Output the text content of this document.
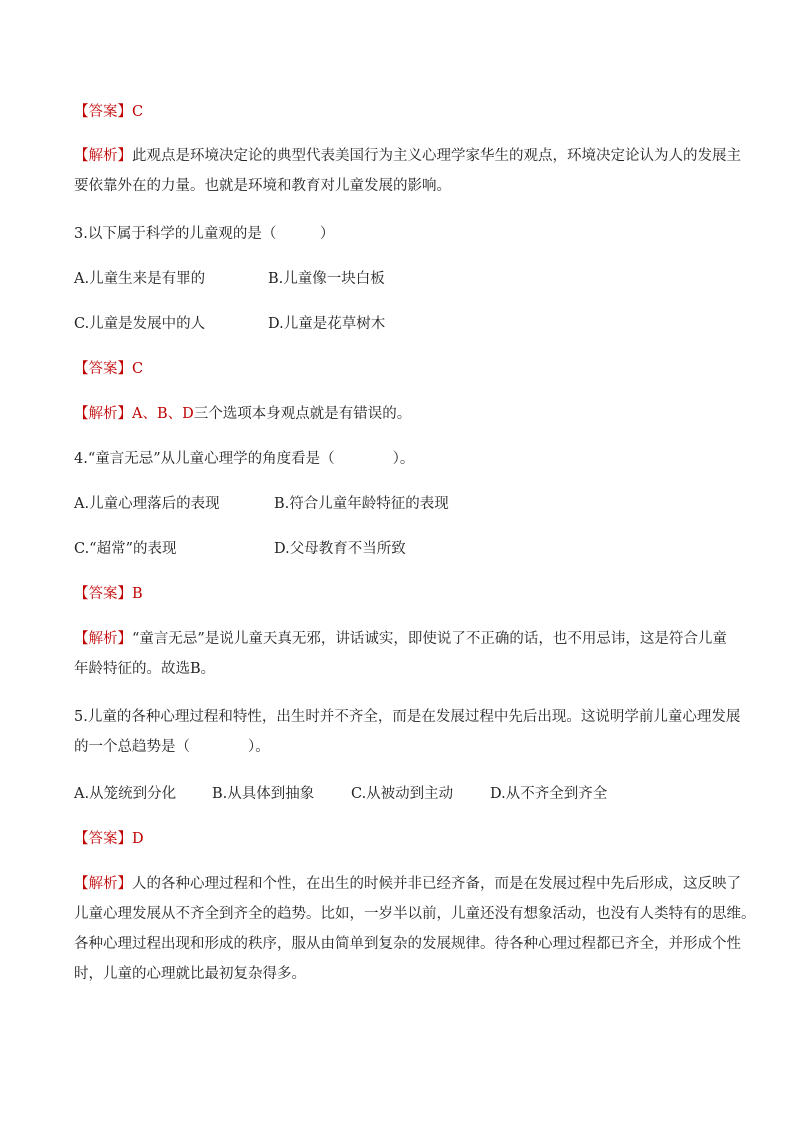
【答案】C
【解析】此观点是环境决定论的典型代表美国行为主义心理学家华生的观点，环境决定论认为人的发展主
要依靠外在的力量。也就是环境和教育对儿童发展的影响。
3.以下属于科学的儿童观的是（　　　）
A.儿童生来是有罪的	B.儿童像一块白板
C.儿童是发展中的人	D.儿童是花草树木
【答案】C
【解析】A、B、D三个选项本身观点就是有错误的。
4.“童言无忌”从儿童心理学的角度看是（　　　　）。
A.儿童心理落后的表现	B.符合儿童年龄特征的表现
C.“超常”的表现	D.父母教育不当所致
【答案】B
【解析】“童言无忌”是说儿童天真无邪，讲话诚实，即使说了不正确的话，也不用忌讳，这是符合儿童
年龄特征的。故选B。
5.儿童的各种心理过程和特性，出生时并不齐全，而是在发展过程中先后出现。这说明学前儿童心理发展
的一个总趋势是（　　　　）。
A.从笼统到分化 B.从具体到抽象	C.从被动到主动	D.从不齐全到齐全
【答案】D
【解析】人的各种心理过程和个性，在出生的时候并非已经齐备，而是在发展过程中先后形成，这反映了
儿童心理发展从不齐全到齐全的趋势。比如，一岁半以前，儿童还没有想象活动，也没有人类特有的思维。
各种心理过程出现和形成的秩序，服从由简单到复杂的发展规律。待各种心理过程都已齐全，并形成个性
时，儿童的心理就比最初复杂得多。
